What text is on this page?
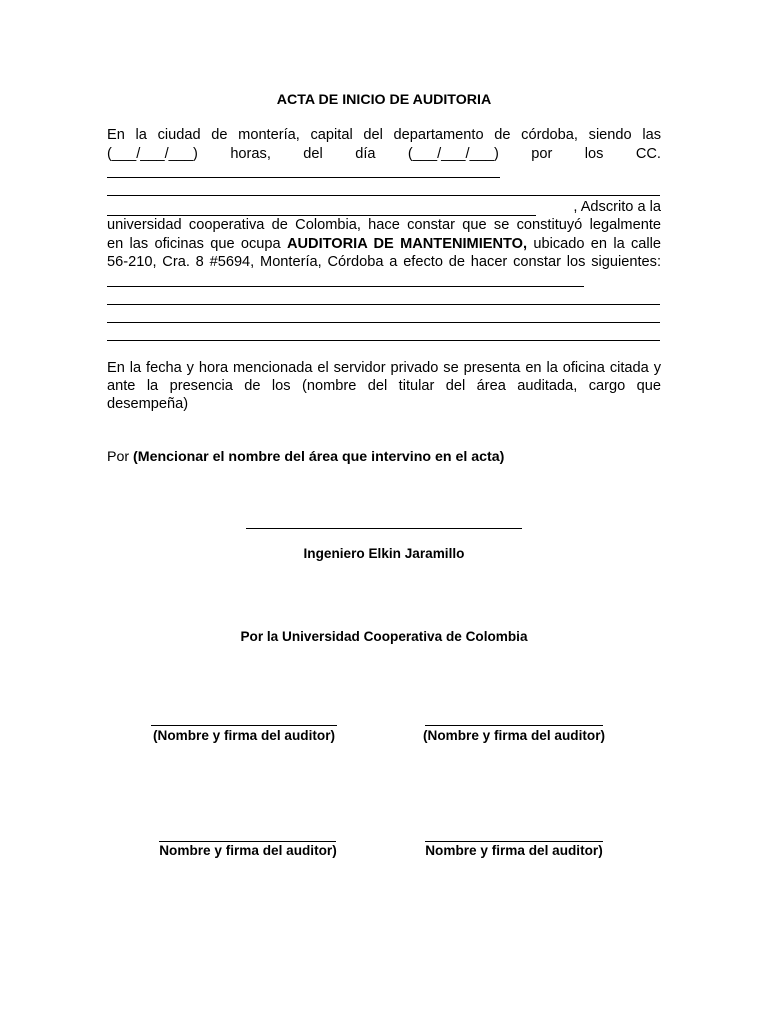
ACTA DE INICIO DE AUDITORIA
En la ciudad de montería, capital del departamento de córdoba, siendo las
(___/___/___) horas, del día (___/___/___) por los CC.
, Adscrito a la
universidad cooperativa de Colombia, hace constar que se constituyó legalmente
en las oficinas que ocupa AUDITORIA DE MANTENIMIENTO, ubicado en la calle
56-210, Cra. 8 #5694, Montería, Córdoba a efecto de hacer constar los siguientes:
En la fecha y hora mencionada el servidor privado se presenta en la oficina citada y
ante la presencia de los (nombre del titular del área auditada, cargo que
desempeña)
Por (Mencionar el nombre del área que intervino en el acta)
Ingeniero Elkin Jaramillo
Por la Universidad Cooperativa de Colombia
(Nombre y firma del auditor)	(Nombre y firma del auditor)
Nombre y firma del auditor)	Nombre y firma del auditor)
